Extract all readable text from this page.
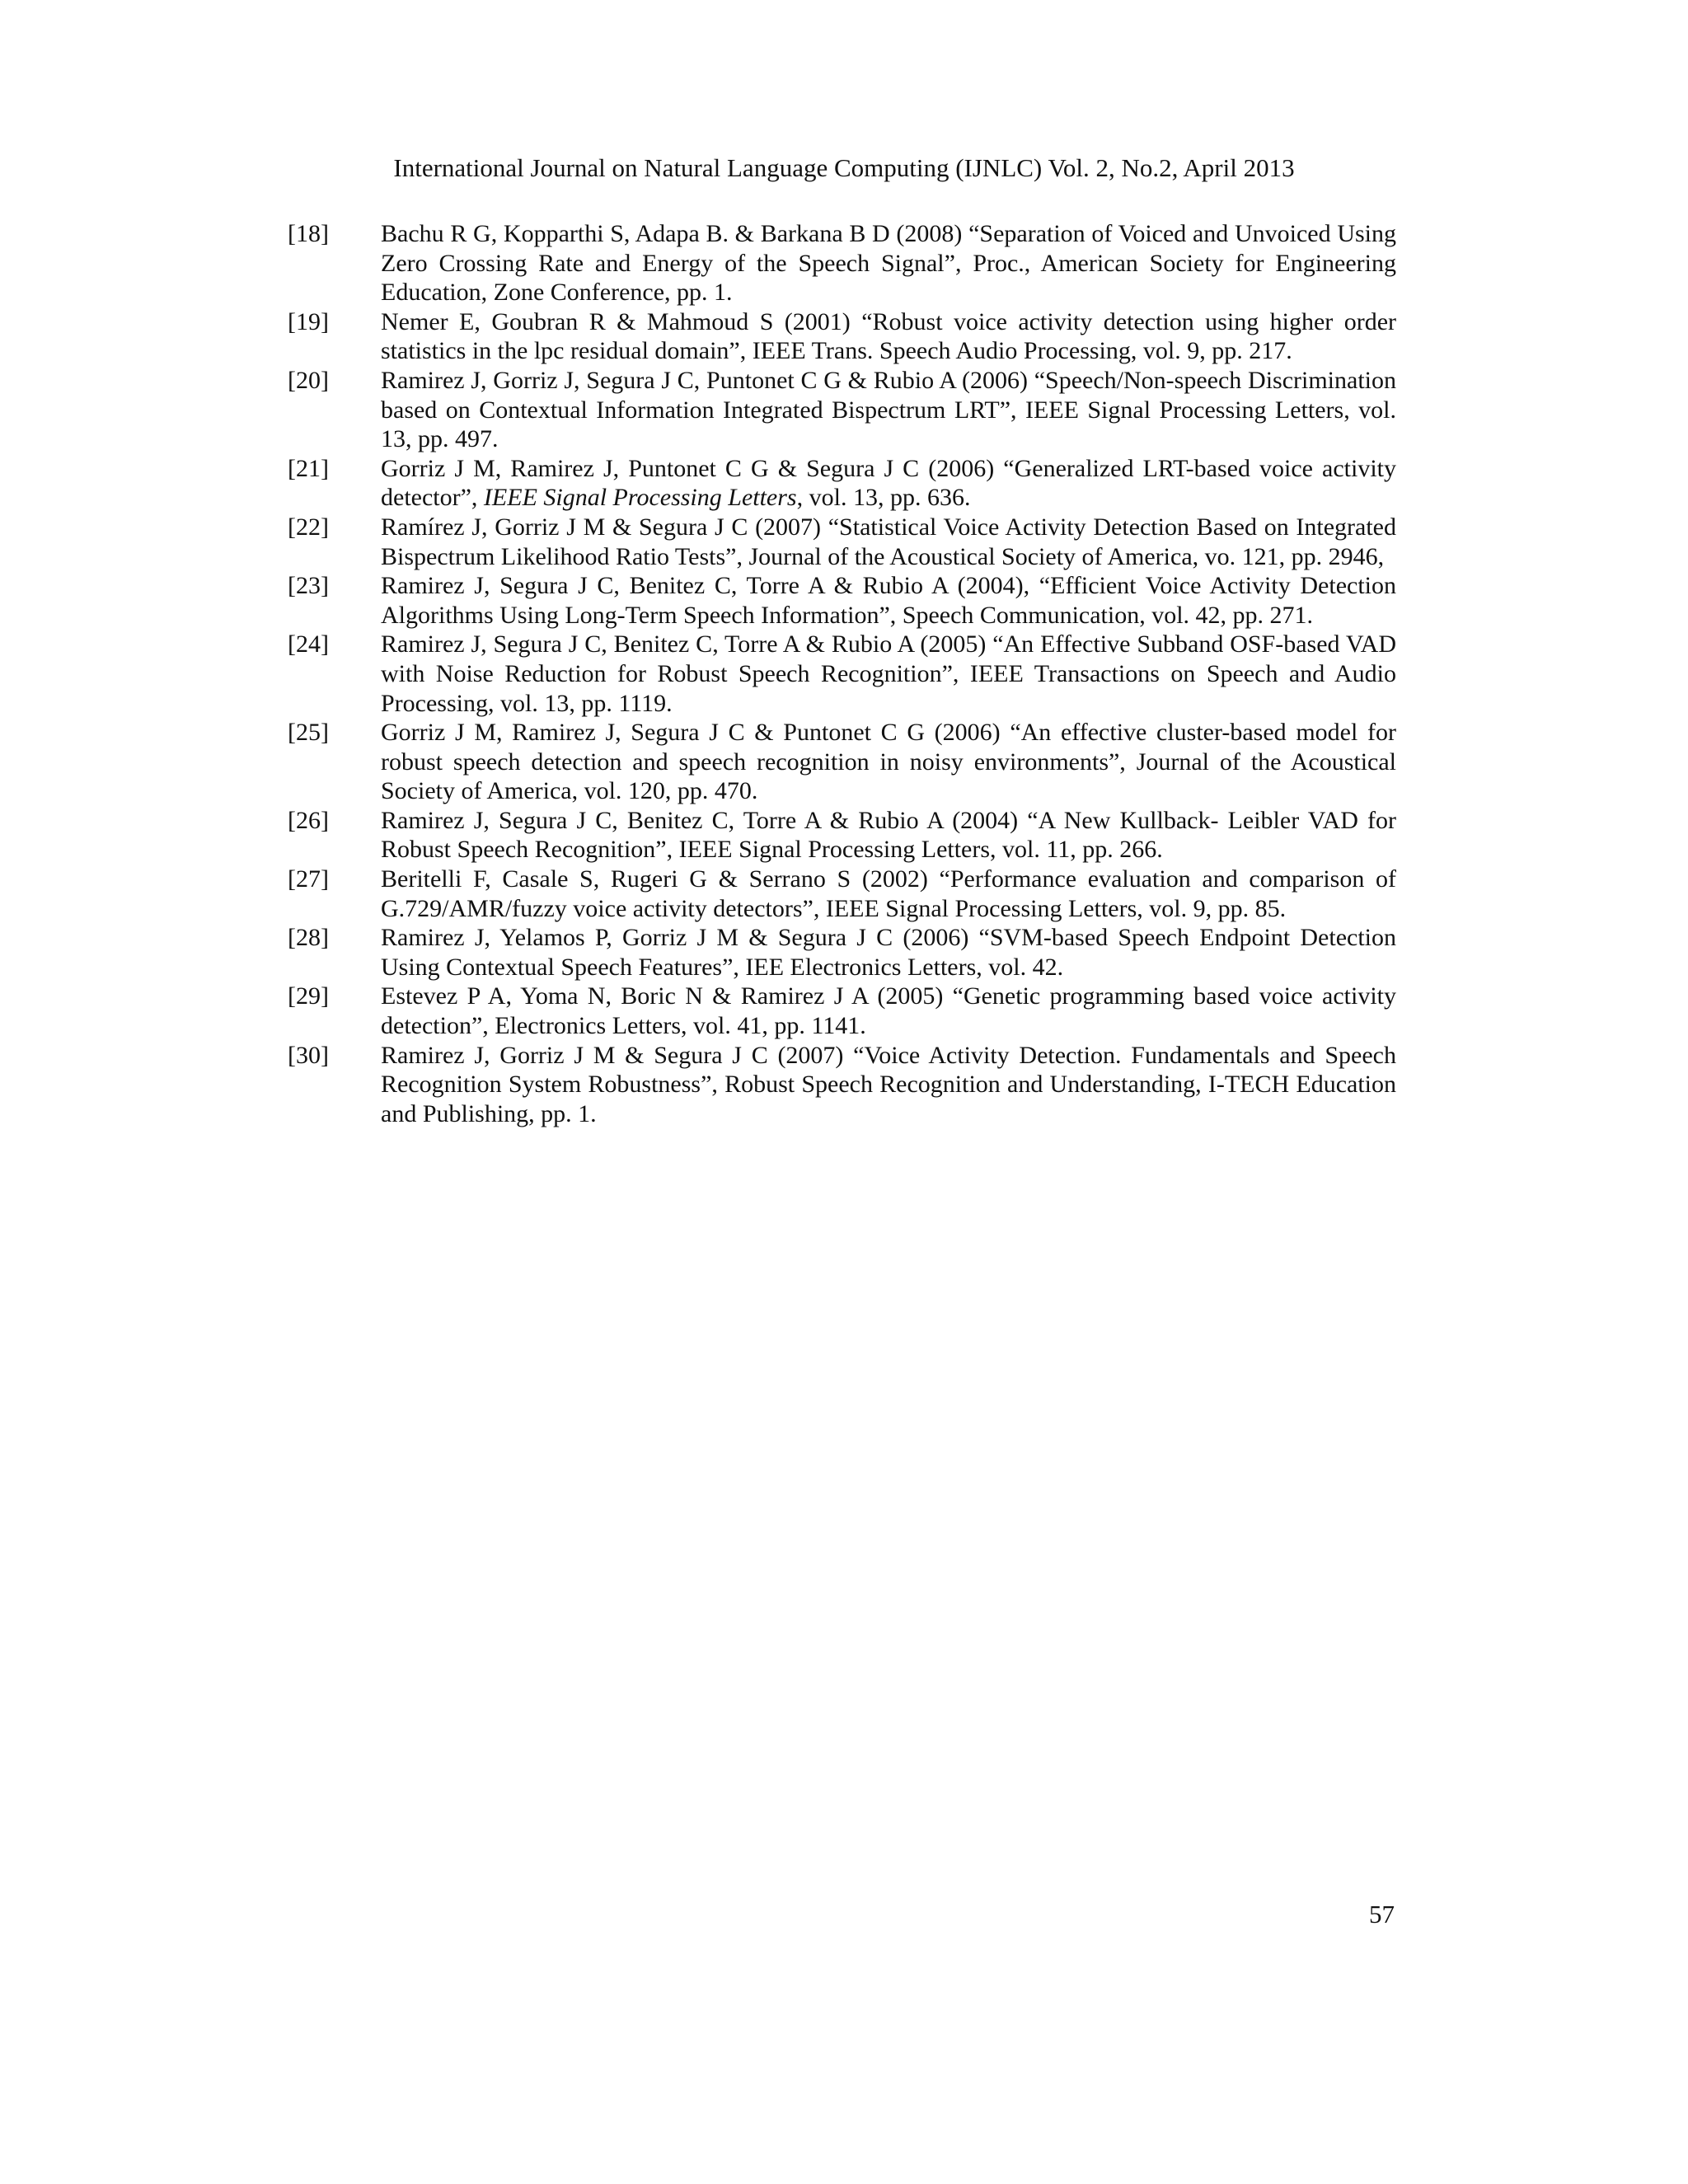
International Journal on Natural Language Computing (IJNLC) Vol. 2, No.2, April 2013
[18]	Bachu R G, Kopparthi S, Adapa B. & Barkana B D (2008) “Separation of Voiced and Unvoiced Using Zero Crossing Rate and Energy of the Speech Signal”, Proc., American Society for Engineering Education, Zone Conference, pp. 1.
[19]	Nemer E, Goubran R & Mahmoud S (2001) “Robust voice activity detection using higher order statistics in the lpc residual domain”, IEEE Trans. Speech Audio Processing, vol. 9, pp. 217.
[20]	Ramirez J, Gorriz J, Segura J C, Puntonet C G & Rubio A (2006) “Speech/Non-speech Discrimination based on Contextual Information Integrated Bispectrum LRT”, IEEE Signal Processing Letters, vol. 13, pp. 497.
[21]	Gorriz J M, Ramirez J, Puntonet C G & Segura J C (2006) “Generalized LRT-based voice activity detector”, IEEE Signal Processing Letters, vol. 13, pp. 636.
[22]	Ramírez J, Gorriz J M & Segura J C (2007) “Statistical Voice Activity Detection Based on Integrated Bispectrum Likelihood Ratio Tests”, Journal of the Acoustical Society of America, vo. 121, pp. 2946,
[23]	Ramirez J, Segura J C, Benitez C, Torre A & Rubio A (2004), “Efficient Voice Activity Detection Algorithms Using Long-Term Speech Information”, Speech Communication, vol. 42, pp. 271.
[24]	Ramirez J, Segura J C, Benitez C, Torre A & Rubio A (2005) “An Effective Subband OSF-based VAD with Noise Reduction for Robust Speech Recognition”, IEEE Transactions on Speech and Audio Processing, vol. 13, pp. 1119.
[25]	Gorriz J M, Ramirez J, Segura J C & Puntonet C G (2006) “An effective cluster-based model for robust speech detection and speech recognition in noisy environments”, Journal of the Acoustical Society of America, vol. 120, pp. 470.
[26]	Ramirez J, Segura J C, Benitez C, Torre A & Rubio A (2004) “A New Kullback- Leibler VAD for Robust Speech Recognition”, IEEE Signal Processing Letters, vol. 11, pp. 266.
[27]	Beritelli F, Casale S, Rugeri G & Serrano S (2002) “Performance evaluation and comparison of G.729/AMR/fuzzy voice activity detectors”, IEEE Signal Processing Letters, vol. 9, pp. 85.
[28]	Ramirez J, Yelamos P, Gorriz J M & Segura J C (2006) “SVM-based Speech Endpoint Detection Using Contextual Speech Features”, IEE Electronics Letters, vol. 42.
[29]	Estevez P A, Yoma N, Boric N & Ramirez J A (2005) “Genetic programming based voice activity detection”, Electronics Letters, vol. 41, pp. 1141.
[30]	Ramirez J, Gorriz J M & Segura J C (2007) “Voice Activity Detection. Fundamentals and Speech Recognition System Robustness”, Robust Speech Recognition and Understanding, I-TECH Education and Publishing, pp. 1.
57
